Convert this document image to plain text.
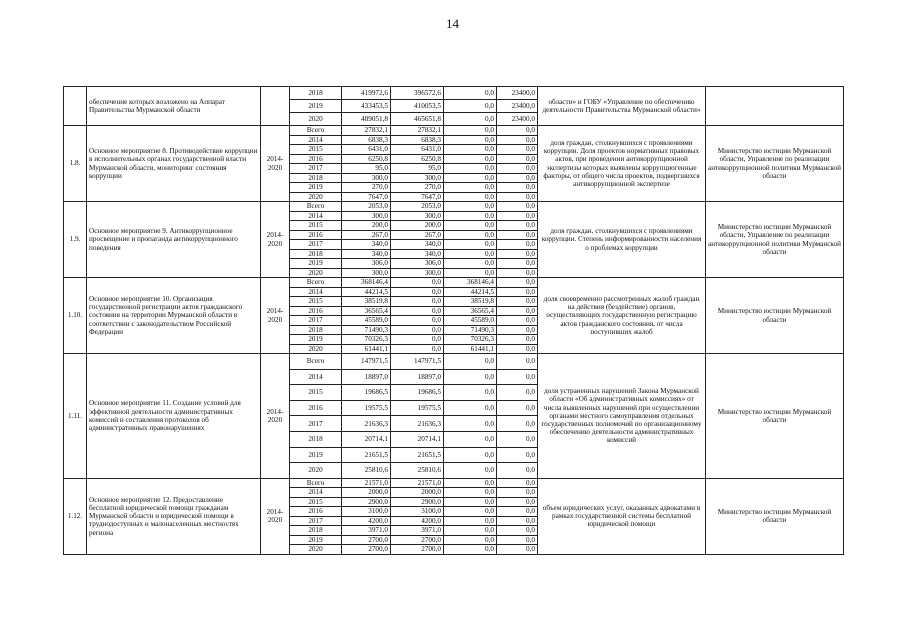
14
	обеспечение которых возложено на Аппарат Правительства Мурманской области		2018	419972,6	396572,6	0,0	23400,0	области» и ГОБУ «Управление по обеспечению деятельности Правительства Мурманской области»	
			2019	433453,5	410053,5	0,0	23400,0		
			2020	489051,8	465651,8	0,0	23400,0		
1.8.	Основное мероприятие 8. Противодействие коррупции в исполнительных органах государственной власти Мурманской области, мониторинг состояния коррупции	2014-2020	Всего	27832,1	27832,1	0,0	0,0	доля граждан, столкнувшихся с проявлениями коррупции. Доля проектов нормативных правовых актов, при проведении антикоррупционной экспертизы которых выявлены коррупциогенные факторы, от общего числа проектов, подвергшихся антикоррупционной экспертизе	Министерство юстиции Мурманской области, Управление по реализации антикоррупционной политики Мурманской области
			2014	6838,3	6838,3	0,0	0,0		
			2015	6431,0	6431,0	0,0	0,0		
			2016	6250,8	6250,8	0,0	0,0		
			2017	95,0	95,0	0,0	0,0		
			2018	300,0	300,0	0,0	0,0		
			2019	270,0	270,0	0,0	0,0		
			2020	7647,0	7647,0	0,0	0,0		
1.9.	Основное мероприятие 9. Антикоррупционное просвещение и пропаганда антикоррупционного поведения	2014-2020	Всего	2053,0	2053,0	0,0	0,0	доля граждан, столкнувшихся с проявлениями коррупции. Степень информированности населения о проблемах коррупции	Министерство юстиции Мурманской области, Управление по реализации антикоррупционной политики Мурманской области
			2014	300,0	300,0	0,0	0,0		
			2015	200,0	200,0	0,0	0,0		
			2016	267,0	267,0	0,0	0,0		
			2017	340,0	340,0	0,0	0,0		
			2018	340,0	340,0	0,0	0,0		
			2019	306,0	306,0	0,0	0,0		
			2020	300,0	300,0	0,0	0,0		
1.10.	Основное мероприятие 10. Организация государственной регистрации актов гражданского состояния на территории Мурманской области в соответствии с законодательством Российской Федерации	2014-2020	Всего	368146,4	0,0	368146,4	0,0	доля своевременно рассмотренных жалоб граждан на действия (бездействие) органов, осуществляющих государственную регистрацию актов гражданского состояния, от числа поступивших жалоб	Министерство юстиции Мурманской области
			2014	44214,5	0,0	44214,5	0,0		
			2015	38519,8	0,0	38519,8	0,0		
			2016	36565,4	0,0	36565,4	0,0		
			2017	45589,0	0,0	45589,0	0,0		
			2018	71490,3	0,0	71490,3	0,0		
			2019	70326,3	0,0	70326,3	0,0		
			2020	61441,1	0,0	61441,1	0,0		
1.11.	Основное мероприятие 11. Создание условий для эффективной деятельности административных комиссий и составления протоколов об административных правонарушениях	2014-2020	Всего	147971,5	147971,5	0,0	0,0	доля устраненных нарушений Закона Мурманской области «Об административных комиссиях» от числа выявленных нарушений при осуществлении органами местного самоуправления отдельных государственных полномочий по организационному обеспечению деятельности административных комиссий	Министерство юстиции Мурманской области
			2014	18897,0	18897,0	0,0	0,0		
			2015	19686,5	19686,5	0,0	0,0		
			2016	19575,5	19575,5	0,0	0,0		
			2017	21636,3	21636,3	0,0	0,0		
			2018	20714,1	20714,1	0,0	0,0		
			2019	21651,5	21651,5	0,0	0,0		
			2020	25810,6	25810,6	0,0	0,0		
1.12.	Основное мероприятие 12. Предоставление бесплатной юридической помощи гражданам Мурманской области и юридической помощи в труднодоступных и малонаселенных местностях региона	2014-2020	Всего	21571,0	21571,0	0,0	0,0	объем юридических услуг, оказанных адвокатами в рамках государственной системы бесплатной юридической помощи	Министерство юстиции Мурманской области
			2014	2000,0	2000,0	0,0	0,0		
			2015	2900,0	2900,0	0,0	0,0		
			2016	3100,0	3100,0	0,0	0,0		
			2017	4200,0	4200,0	0,0	0,0		
			2018	3971,0	3971,0	0,0	0,0		
			2019	2700,0	2700,0	0,0	0,0		
			2020	2700,0	2700,0	0,0	0,0		
